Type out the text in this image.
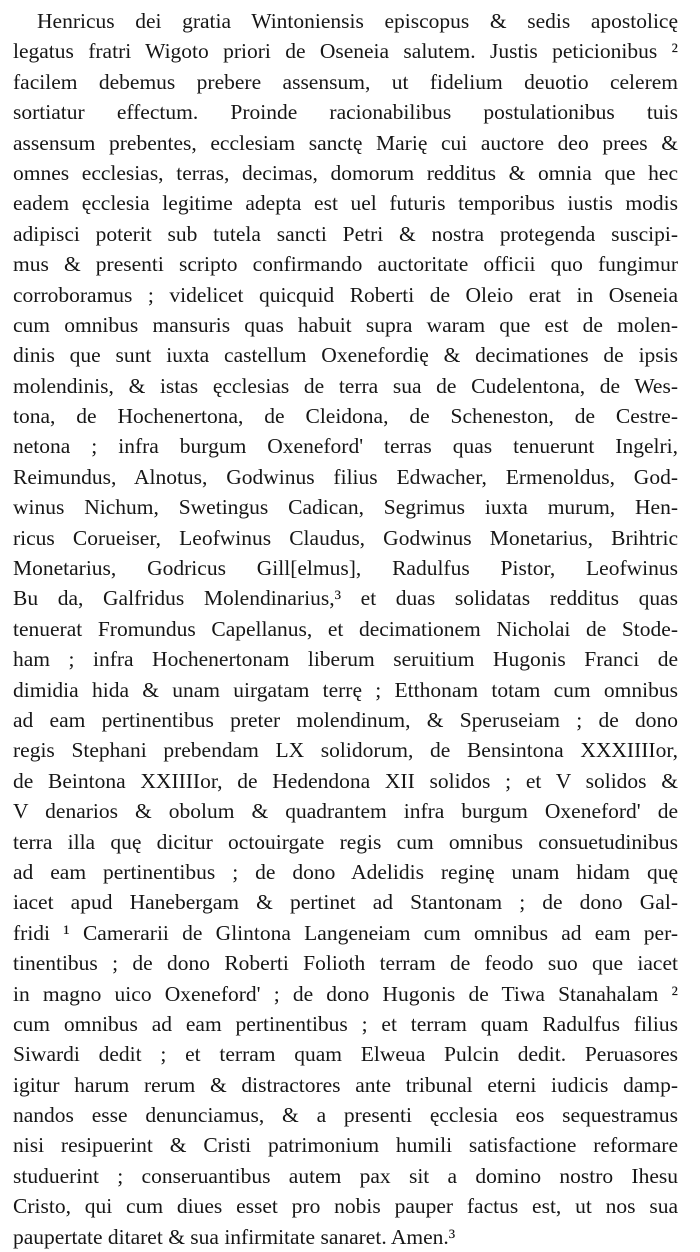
Henricus dei gratia Wintoniensis episcopus & sedis apostolicę
legatus fratri Wigoto priori de Oseneia salutem. Justis peticionibus ²
facilem debemus prebere assensum, ut fidelium deuotio celerem
sortiatur effectum. Proinde racionabilibus postulationibus tuis
assensum prebentes, ecclesiam sanctę Marię cui auctore deo prees &
omnes ecclesias, terras, decimas, domorum redditus & omnia que hec
eadem ęcclesia legitime adepta est uel futuris temporibus iustis modis
adipisci poterit sub tutela sancti Petri & nostra protegenda suscipi-
mus & presenti scripto confirmando auctoritate officii quo fungimur
corroboramus ; videlicet quicquid Roberti de Oleio erat in Oseneia
cum omnibus mansuris quas habuit supra waram que est de molen-
dinis que sunt iuxta castellum Oxenefordię & decimationes de ipsis
molendinis, & istas ęcclesias de terra sua de Cudelentona, de Wes-
tona, de Hochenertona, de Cleidona, de Scheneston, de Cestre-
netona ; infra burgum Oxeneford' terras quas tenuerunt Ingelri,
Reimundus, Alnotus, Godwinus filius Edwacher, Ermenoldus, God-
winus Nichum, Swetingus Cadican, Segrimus iuxta murum, Hen-
ricus Corueiser, Leofwinus Claudus, Godwinus Monetarius, Brihtric
Monetarius, Godricus Gill[elmus], Radulfus Pistor, Leofwinus
Bu da, Galfridus Molendinarius,³ et duas solidatas redditus quas
tenuerat Fromundus Capellanus, et decimationem Nicholai de Stode-
ham ; infra Hochenertonam liberum seruitium Hugonis Franci de
dimidia hida & unam uirgatam terrę ; Etthonam totam cum omnibus
ad eam pertinentibus preter molendinum, & Speruseiam ; de dono
regis Stephani prebendam LX solidorum, de Bensintona XXXIIIIor,
de Beintona XXIIIIor, de Hedendona XII solidos ; et V solidos &
V denarios & obolum & quadrantem infra burgum Oxeneford' de
terra illa quę dicitur octouirgate regis cum omnibus consuetudinibus
ad eam pertinentibus ; de dono Adelidis reginę unam hidam quę
iacet apud Hanebergam & pertinet ad Stantonam ; de dono Gal-
fridi ¹ Camerarii de Glintona Langeneiam cum omnibus ad eam per-
tinentibus ; de dono Roberti Folioth terram de feodo suo que iacet
in magno uico Oxeneford' ; de dono Hugonis de Tiwa Stanahalam ²
cum omnibus ad eam pertinentibus ; et terram quam Radulfus filius
Siwardi dedit ; et terram quam Elweua Pulcin dedit. Peruasores
igitur harum rerum & distractores ante tribunal eterni iudicis damp-
nandos esse denunciamus, & a presenti ęcclesia eos sequestramus
nisi resipuerint & Cristi patrimonium humili satisfactione reformare
studuerint ; conseruantibus autem pax sit a domino nostro Ihesu
Cristo, qui cum diues esset pro nobis pauper factus est, ut nos sua
paupertate ditaret & sua infirmitate sanaret. Amen.³
